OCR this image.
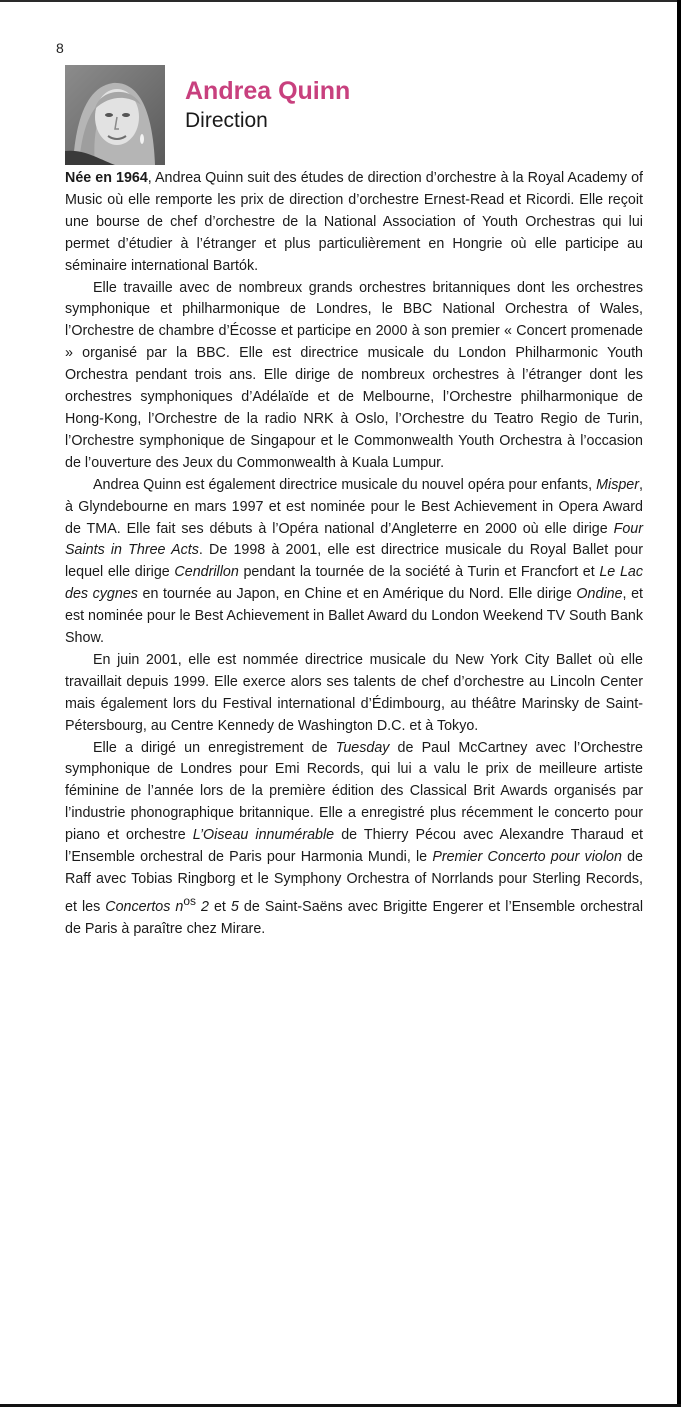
8
Andrea Quinn

Direction

Née en 1964, Andrea Quinn suit des études de direction d’orchestre à la Royal Academy of Music où elle remporte les prix de direction d’orchestre Ernest-Read et Ricordi. Elle reçoit une bourse de chef d’orchestre de la National Association of Youth Orchestras qui lui permet d’étudier à l’étranger et plus particulièrement en Hongrie où elle participe au séminaire international Bartók.

Elle travaille avec de nombreux grands orchestres britanniques dont les orchestres symphonique et philharmonique de Londres, le BBC National Orchestra of Wales, l’Orchestre de chambre d’Écosse et participe en 2000 à son premier « Concert promenade » organisé par la BBC. Elle est directrice musicale du London Philharmonic Youth Orchestra pendant trois ans. Elle dirige de nombreux orchestres à l’étranger dont les orchestres symphoniques d’Adélaïde et de Melbourne, l’Orchestre philharmonique de Hong-Kong, l’Orchestre de la radio NRK à Oslo, l’Orchestre du Teatro Regio de Turin, l’Orchestre symphonique de Singapour et le Commonwealth Youth Orchestra à l’occasion de l’ouverture des Jeux du Commonwealth à Kuala Lumpur.

Andrea Quinn est également directrice musicale du nouvel opéra pour enfants, Misper, à Glyndebourne en mars 1997 et est nominée pour le Best Achievement in Opera Award de TMA. Elle fait ses débuts à l’Opéra national d’Angleterre en 2000 où elle dirige Four Saints in Three Acts. De 1998 à 2001, elle est directrice musicale du Royal Ballet pour lequel elle dirige Cendrillon pendant la tournée de la société à Turin et Francfort et Le Lac des cygnes en tournée au Japon, en Chine et en Amérique du Nord. Elle dirige Ondine, et est nominée pour le Best Achievement in Ballet Award du London Weekend TV South Bank Show.

En juin 2001, elle est nommée directrice musicale du New York City Ballet où elle travaillait depuis 1999. Elle exerce alors ses talents de chef d’orchestre au Lincoln Center mais également lors du Festival international d’Édimbourg, au théâtre Marinsky de Saint-Pétersbourg, au Centre Kennedy de Washington D.C. et à Tokyo.

Elle a dirigé un enregistrement de Tuesday de Paul McCartney avec l’Orchestre symphonique de Londres pour Emi Records, qui lui a valu le prix de meilleure artiste féminine de l’année lors de la première édition des Classical Brit Awards organisés par l’industrie phonographique britannique. Elle a enregistré plus récemment le concerto pour piano et orchestre L’Oiseau innumérable de Thierry Pécou avec Alexandre Tharaud et l’Ensemble orchestral de Paris pour Harmonia Mundi, le Premier Concerto pour violon de Raff avec Tobias Ringborg et le Symphony Orchestra of Norrlands pour Sterling Records, et les Concertos $n^{os}$ 2 et 5 de Saint-Saëns avec Brigitte Engerer et l’Ensemble orchestral de Paris à paraître chez Mirare.
